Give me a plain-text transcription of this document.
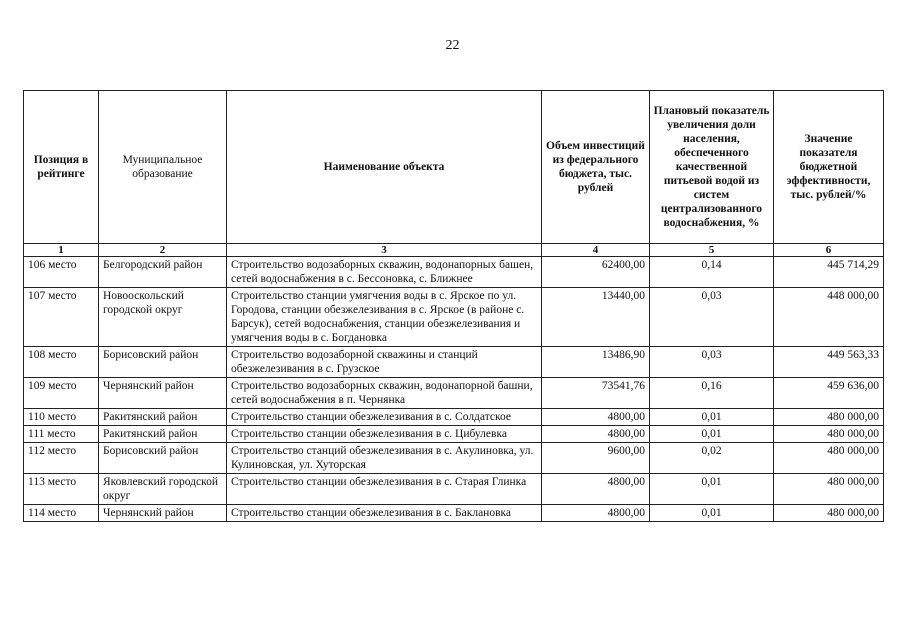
22
Позиция в рейтинге	Муниципальное образование	Наименование объекта	Объем инвестиций из федерального бюджета, тыс. рублей	Плановый показатель увеличения доли населения, обеспеченного качественной питьевой водой из систем централизованного водоснабжения, %	Значение показателя бюджетной эффективности, тыс. рублей/%
1	2	3	4	5	6
106 место	Белгородский район	Строительство водозаборных скважин, водонапорных башен, сетей водоснабжения в с. Бессоновка, с. Ближнее	62400,00	0,14	445 714,29
107 место	Новооскольский городской округ	Строительство станции умягчения воды в с. Ярское по ул. Городова, станции обезжелезивания в с. Ярское (в районе с. Барсук), сетей водоснабжения, станции обезжелезивания и умягчения воды в с. Богдановка	13440,00	0,03	448 000,00
108 место	Борисовский район	Строительство водозаборной скважины и станций обезжелезивания в с. Грузское	13486,90	0,03	449 563,33
109 место	Чернянский район	Строительство водозаборных скважин, водонапорной башни, сетей водоснабжения в п. Чернянка	73541,76	0,16	459 636,00
110 место	Ракитянский район	Строительство станции обезжелезивания в с. Солдатское	4800,00	0,01	480 000,00
111 место	Ракитянский район	Строительство станции обезжелезивания в с. Цибулевка	4800,00	0,01	480 000,00
112 место	Борисовский район	Строительство станций обезжелезивания в с. Акулиновка, ул. Кулиновская, ул. Хуторская	9600,00	0,02	480 000,00
113 место	Яковлевский городской округ	Строительство станции обезжелезивания в с. Старая Глинка	4800,00	0,01	480 000,00
114 место	Чернянский район	Строительство станции обезжелезивания в с. Баклановка	4800,00	0,01	480 000,00
